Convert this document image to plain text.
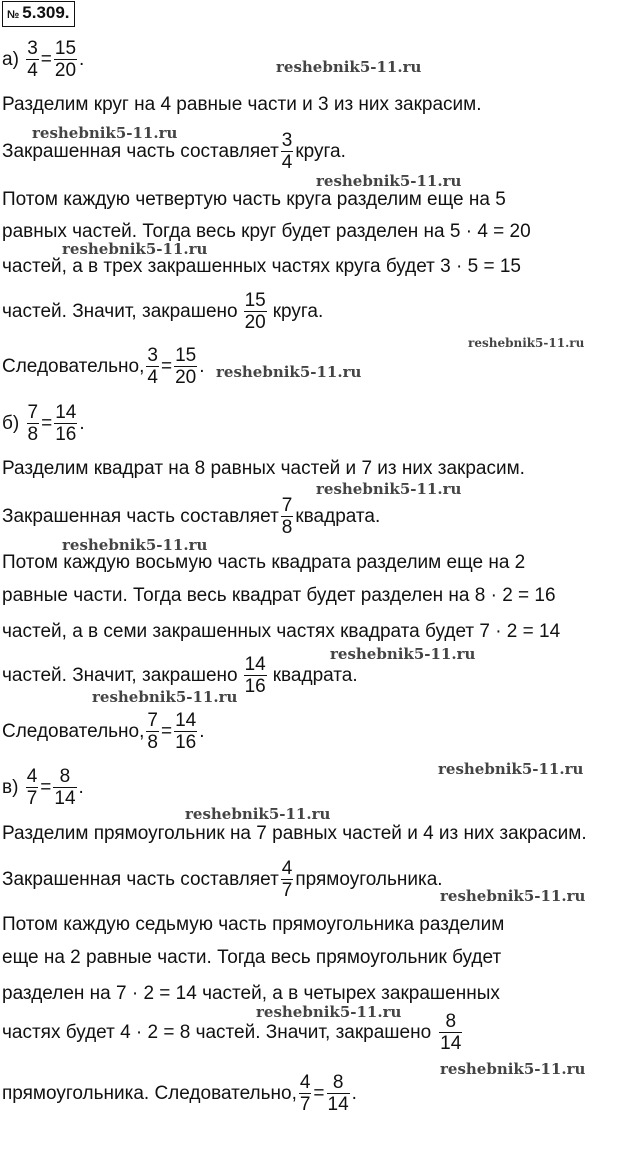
№ 5.309.
а)
$\frac{3}{4} = \frac{15}{20}$ .
Разделим круг на 4 равные части и 3 из них закрасим.
Закрашенная часть составляет 3
4
круга.
Потом каждую четвертую часть круга разделим еще на 5
равных частей. Тогда весь круг будет разделен на 5 · 4 = 20
частей, а в трех закрашенных частях круга будет 3 · 5 = 15
частей. Значит, закрашено 15
20
круга.
Следовательно, $\frac{3}{4} = \frac{15}{20}$ .
б)
$\frac{7}{8} = \frac{14}{16}$ .
Разделим квадрат на 8 равных частей и 7 из них закрасим.
Закрашенная часть составляет 7
8
квадрата.
Потом каждую восьмую часть квадрата разделим еще на 2
равные части. Тогда весь квадрат будет разделен на 8 · 2 = 16
частей, а в семи закрашенных частях квадрата будет 7 · 2 = 14
частей. Значит, закрашено 14
16
квадрата.
Следовательно, $\frac{7}{8} = \frac{14}{16}$ .
в)
$\frac{4}{7} = \frac{8}{14}$ .
Разделим прямоугольник на 7 равных частей и 4 из них закрасим.
Закрашенная часть составляет 4
7
прямоугольника.
Потом каждую седьмую часть прямоугольника разделим
еще на 2 равные части. Тогда весь прямоугольник будет
разделен на 7 · 2 = 14 частей, а в четырех закрашенных
частях будет 4 · 2 = 8 частей. Значит, закрашено 8
14
прямоугольника. Следовательно, $\frac{4}{7} = \frac{8}{14}$ .
reshebnik5-11.ru
reshebnik5-11.ru
reshebnik5-11.ru
reshebnik5-11.ru
reshebnik5-11.ru
reshebnik5-11.ru
reshebnik5-11.ru
reshebnik5-11.ru
reshebnik5-11.ru
reshebnik5-11.ru
reshebnik5-11.ru
reshebnik5-11.ru
reshebnik5-11.ru
reshebnik5-11.ru
reshebnik5-11.ru
